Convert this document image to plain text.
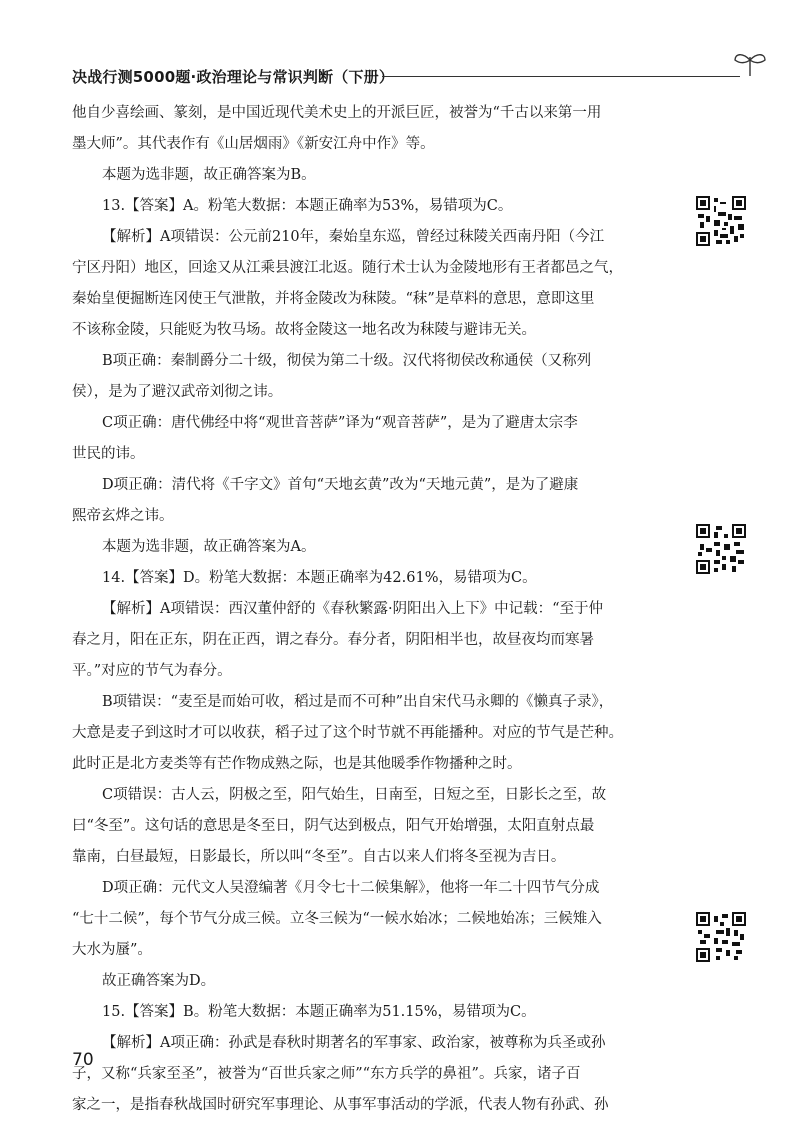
决战行测5000题·政治理论与常识判断（下册）
他自少喜绘画、篆刻，是中国近现代美术史上的开派巨匠，被誉为“千古以来第一用
墨大师”。其代表作有《山居烟雨》《新安江舟中作》等。
本题为选非题，故正确答案为B。
13.【答案】A。粉笔大数据：本题正确率为53%，易错项为C。
【解析】A项错误：公元前210年，秦始皇东巡，曾经过秣陵关西南丹阳（今江
宁区丹阳）地区，回途又从江乘县渡江北返。随行术士认为金陵地形有王者都邑之气，
秦始皇便掘断连冈使王气泄散，并将金陵改为秣陵。“秣”是草料的意思，意即这里
不该称金陵，只能贬为牧马场。故将金陵这一地名改为秣陵与避讳无关。
B项正确：秦制爵分二十级，彻侯为第二十级。汉代将彻侯改称通侯（又称列
侯），是为了避汉武帝刘彻之讳。
C项正确：唐代佛经中将“观世音菩萨”译为“观音菩萨”，是为了避唐太宗李
世民的讳。
D项正确：清代将《千字文》首句“天地玄黄”改为“天地元黄”，是为了避康
熙帝玄烨之讳。
本题为选非题，故正确答案为A。
14.【答案】D。粉笔大数据：本题正确率为42.61%，易错项为C。
【解析】A项错误：西汉董仲舒的《春秋繁露·阴阳出入上下》中记载：“至于仲
春之月，阳在正东，阴在正西，谓之春分。春分者，阴阳相半也，故昼夜均而寒暑
平。”对应的节气为春分。
B项错误：“麦至是而始可收，稻过是而不可种”出自宋代马永卿的《懒真子录》，
大意是麦子到这时才可以收获，稻子过了这个时节就不再能播种。对应的节气是芒种。
此时正是北方麦类等有芒作物成熟之际，也是其他暖季作物播种之时。
C项错误：古人云，阴极之至，阳气始生，日南至，日短之至，日影长之至，故
曰“冬至”。这句话的意思是冬至日，阴气达到极点，阳气开始增强，太阳直射点最
靠南，白昼最短，日影最长，所以叫“冬至”。自古以来人们将冬至视为吉日。
D项正确：元代文人吴澄编著《月令七十二候集解》，他将一年二十四节气分成
“七十二候”，每个节气分成三候。立冬三候为“一候水始冰；二候地始冻；三候雉入
大水为蜃”。
故正确答案为D。
15.【答案】B。粉笔大数据：本题正确率为51.15%，易错项为C。
【解析】A项正确：孙武是春秋时期著名的军事家、政治家，被尊称为兵圣或孙
子，又称“兵家至圣”，被誉为“百世兵家之师”“东方兵学的鼻祖”。兵家，诸子百
家之一，是指春秋战国时研究军事理论、从事军事活动的学派，代表人物有孙武、孙
70
